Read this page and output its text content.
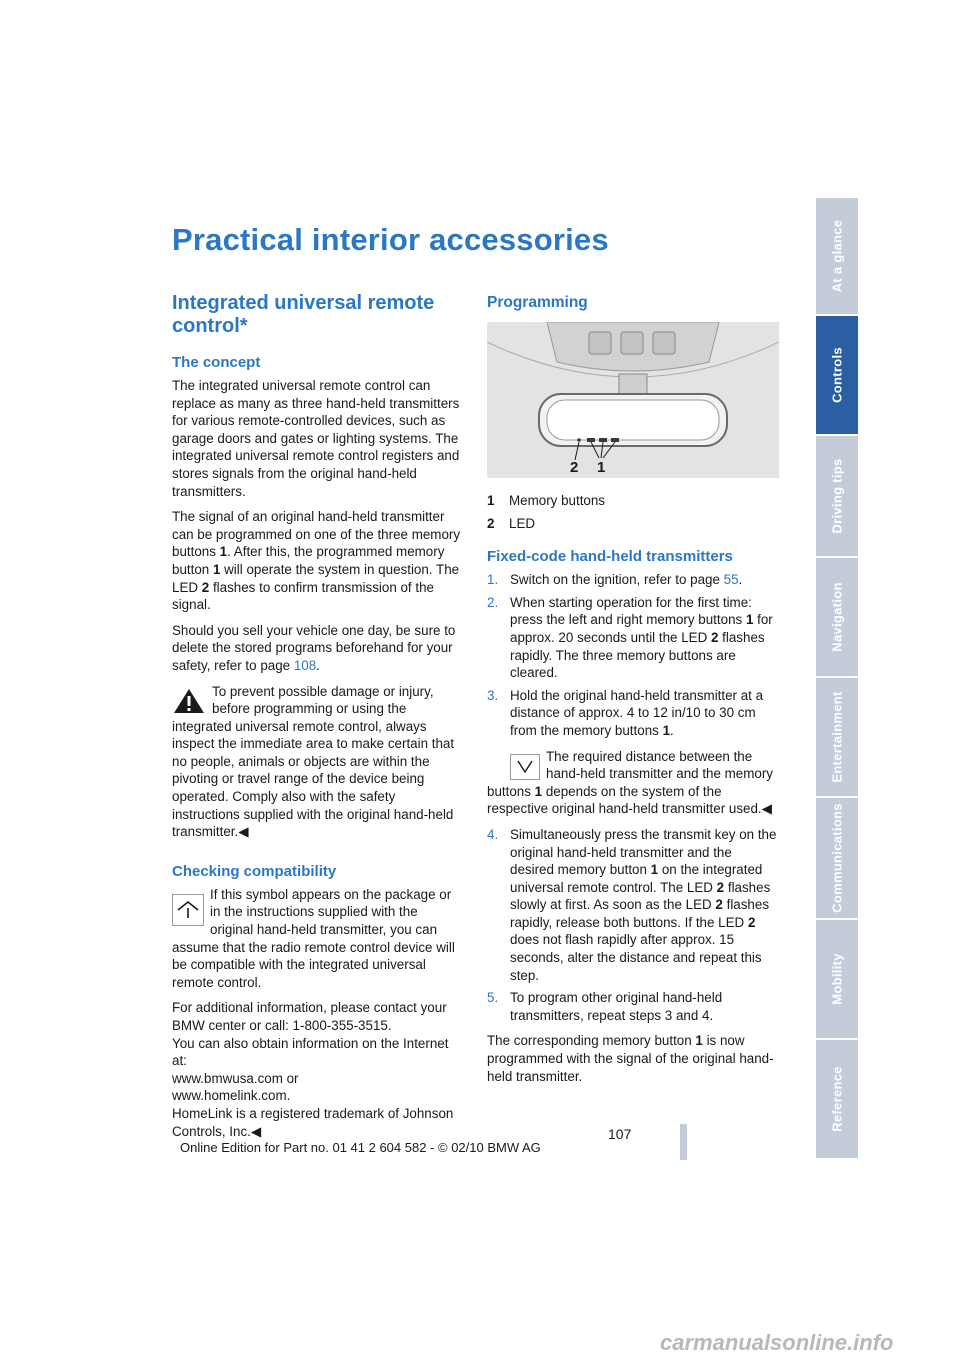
Practical interior accessories
Integrated universal remote control*
The concept

The integrated universal remote control can replace as many as three hand-held transmitters for various remote-controlled devices, such as garage doors and gates or lighting systems. The integrated universal remote control registers and stores signals from the original hand-held transmitters.

The signal of an original hand-held transmitter can be programmed on one of the three memory buttons 1. After this, the programmed memory button 1 will operate the system in question. The LED 2 flashes to confirm transmission of the signal.

Should you sell your vehicle one day, be sure to delete the stored programs beforehand for your safety, refer to page 108.

To prevent possible damage or injury, before programming or using the integrated universal remote control, always inspect the immediate area to make certain that no people, animals or objects are within the pivoting or travel range of the device being operated. Comply also with the safety instructions supplied with the original hand-held transmitter.◀

Checking compatibility

If this symbol appears on the package or in the instructions supplied with the original hand-held transmitter, you can assume that the radio remote control device will be compatible with the integrated universal remote control.

For additional information, please contact your BMW center or call: 1-800-355-3515.
You can also obtain information on the Internet at:
www.bmwusa.com or
www.homelink.com.
HomeLink is a registered trademark of Johnson Controls, Inc.◀

Programming
2 1
1	Memory buttons
2	LED
Fixed-code hand-held transmitters
1. Switch on the ignition, refer to page 55.
2. When starting operation for the first time: press the left and right memory buttons 1 for approx. 20 seconds until the LED 2 flashes rapidly. The three memory buttons are cleared.
3. Hold the original hand-held transmitter at a distance of approx. 4 to 12 in/10 to 30 cm from the memory buttons 1.

The required distance between the hand-held transmitter and the memory buttons 1 depends on the system of the respective original hand-held transmitter used.◀

4. Simultaneously press the transmit key on the original hand-held transmitter and the desired memory button 1 on the integrated universal remote control. The LED 2 flashes slowly at first. As soon as the LED 2 flashes rapidly, release both buttons. If the LED 2 does not flash rapidly after approx. 15 seconds, alter the distance and repeat this step.
5. To program other original hand-held transmitters, repeat steps 3 and 4.

The corresponding memory button 1 is now programmed with the signal of the original hand-held transmitter.

At a glance
Controls
Driving tips
Navigation
Entertainment
Communications
Mobility
Reference
107
Online Edition for Part no. 01 41 2 604 582 - © 02/10 BMW AG
carmanualsonline.info
